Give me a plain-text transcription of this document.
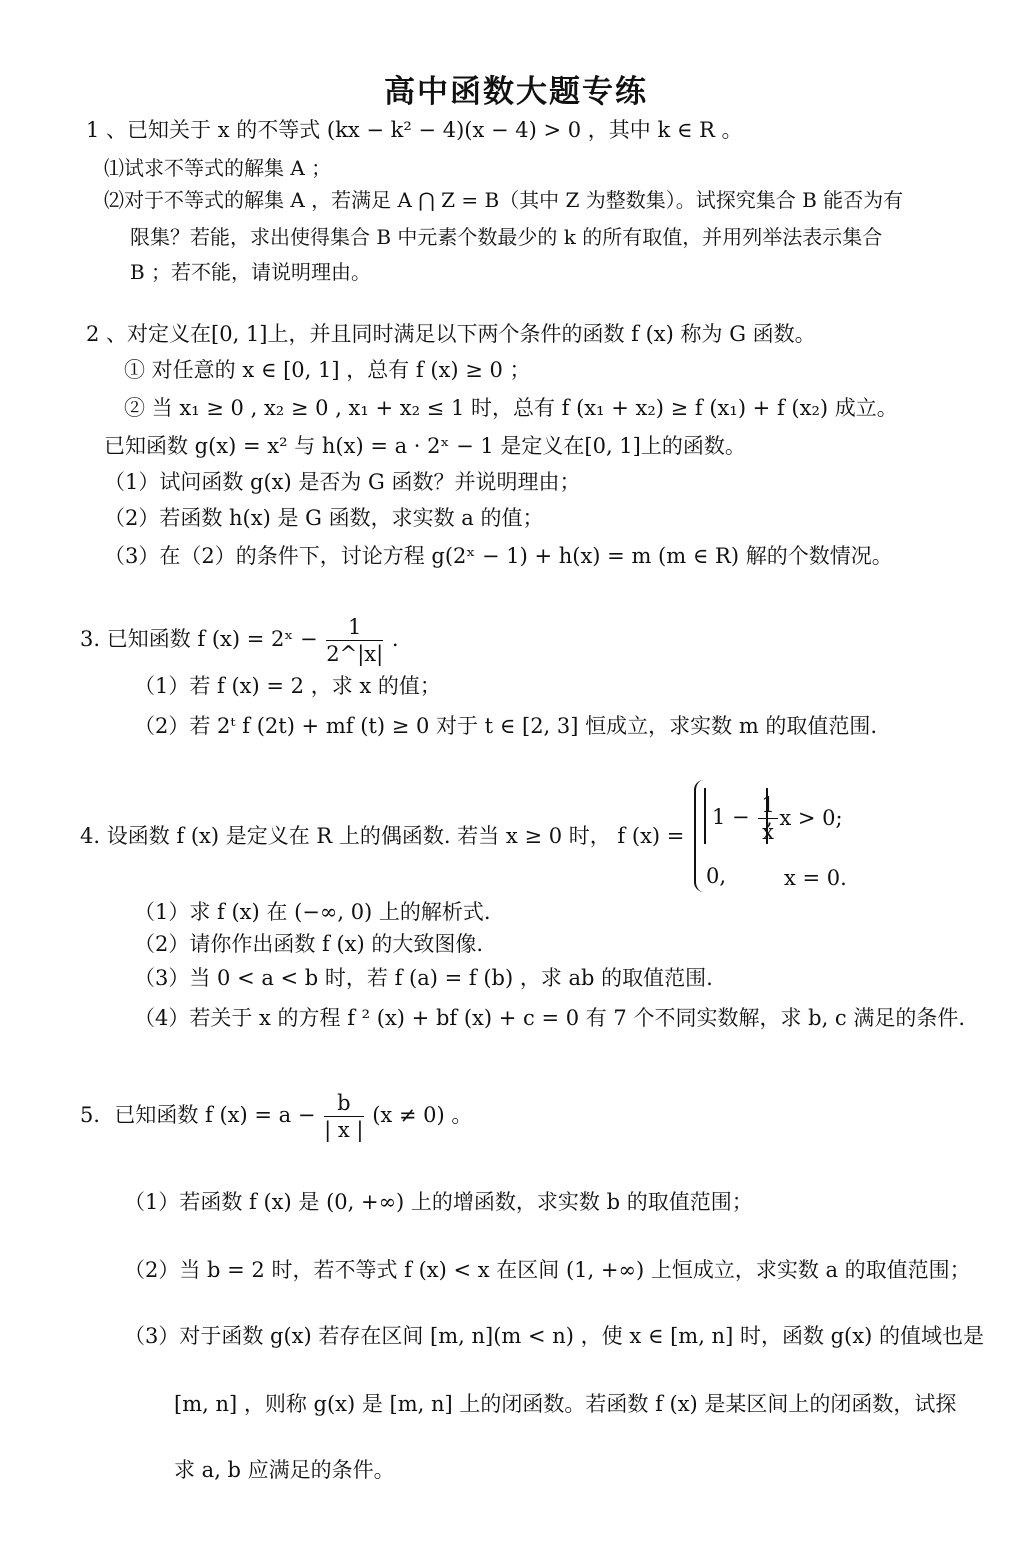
高中函数大题专练
1 、已知关于 x 的不等式 (kx − k² − 4)(x − 4) > 0 ，其中 k ∈ R 。
⑴试求不等式的解集 A ；
⑵对于不等式的解集 A ，若满足 A ⋂ Z = B（其中 Z 为整数集）。试探究集合 B 能否为有
限集？若能，求出使得集合 B 中元素个数最少的 k 的所有取值，并用列举法表示集合
B ；若不能，请说明理由。
2 、对定义在[0, 1]上，并且同时满足以下两个条件的函数 f (x) 称为 G 函数。
① 对任意的 x ∈ [0, 1] ，总有 f (x) ≥ 0 ；
② 当 x₁ ≥ 0 , x₂ ≥ 0 , x₁ + x₂ ≤ 1 时，总有 f (x₁ + x₂) ≥ f (x₁) + f (x₂) 成立。
已知函数 g(x) = x² 与 h(x) = a · 2ˣ − 1 是定义在[0, 1]上的函数。
（1）试问函数 g(x) 是否为 G 函数？并说明理由；
（2）若函数 h(x) 是 G 函数，求实数 a 的值；
（3）在（2）的条件下，讨论方程 g(2ˣ − 1) + h(x) = m (m ∈ R) 解的个数情况。
3. 已知函数 f (x) = 2ˣ − $\frac{1}{2\^{}|x|}$ .
（1）若 f (x) = 2 ，求 x 的值；
（2）若 2ᵗ f (2t) + mf (t) ≥ 0 对于 t ∈ [2, 3] 恒成立，求实数 m 的取值范围.
4. 设函数 f (x) 是定义在 R 上的偶函数. 若当 x ≥ 0 时， f (x) =
$1 - \frac{1}{x}$
, x > 0;
0,	x = 0.
（1）求 f (x) 在 (−∞, 0) 上的解析式.
（2）请你作出函数 f (x) 的大致图像.
（3）当 0 < a < b 时，若 f (a) = f (b) ，求 ab 的取值范围.
（4）若关于 x 的方程 f ² (x) + bf (x) + c = 0 有 7 个不同实数解，求 b, c 满足的条件.
5．已知函数 f $(x) = a - \frac{b}{| x |} (x \ne 0)$ 。
（1）若函数 f (x) 是 (0, +∞) 上的增函数，求实数 b 的取值范围；
（2）当 b = 2 时，若不等式 f (x) < x 在区间 (1, +∞) 上恒成立，求实数 a 的取值范围；
（3）对于函数 g(x) 若存在区间 [m, n](m < n) ，使 x ∈ [m, n] 时，函数 g(x) 的值域也是
[m, n] ，则称 g(x) 是 [m, n] 上的闭函数。若函数 f (x) 是某区间上的闭函数，试探
求 a, b 应满足的条件。
